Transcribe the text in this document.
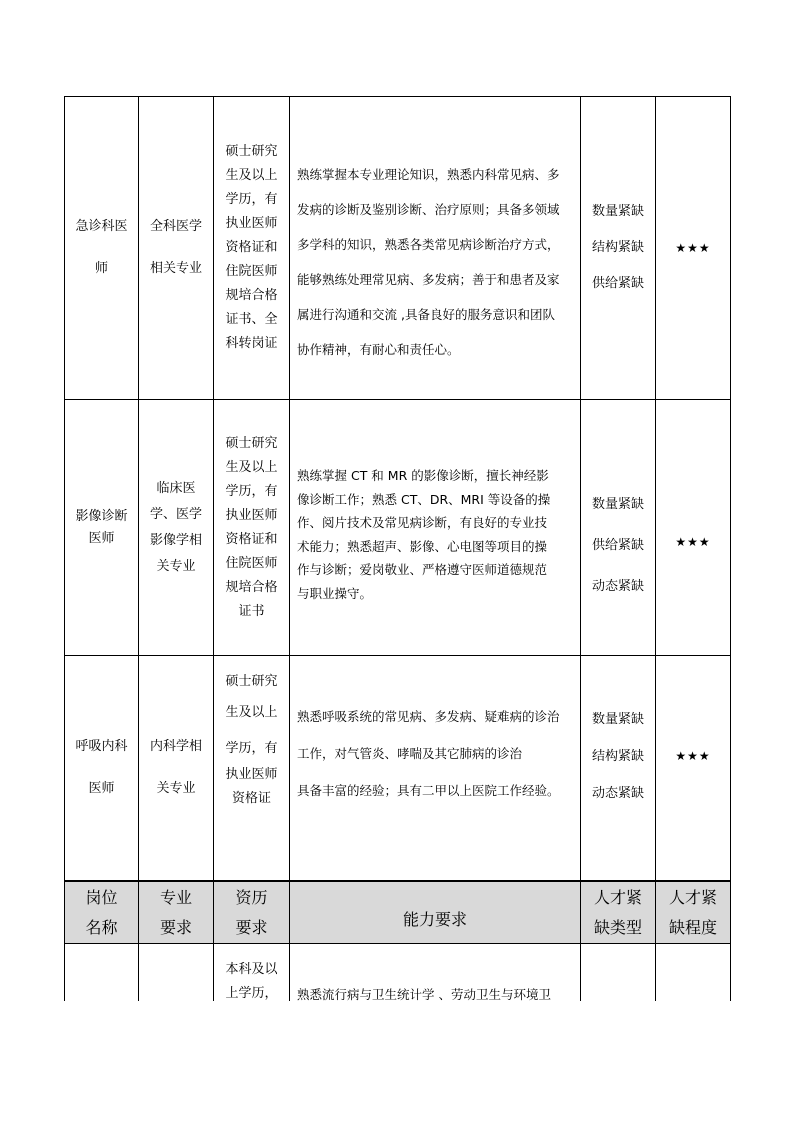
急诊科医
师
全科医学
相关专业
硕士研究
生及以上
学历，有
执业医师
资格证和
住院医师
规培合格
证书、全
科转岗证
熟练掌握本专业理论知识，熟悉内科常见病、多
发病的诊断及鉴别诊断、治疗原则；具备多领域
多学科的知识，熟悉各类常见病诊断治疗方式，
能够熟练处理常见病、多发病；善于和患者及家
属进行沟通和交流 ,具备良好的服务意识和团队
协作精神，有耐心和责任心。
数量紧缺
结构紧缺
供给紧缺
★★★
影像诊断
医师
临床医
学、医学
影像学相
关专业
硕士研究
生及以上
学历，有
执业医师
资格证和
住院医师
规培合格
证书
熟练掌握 CT 和 MR 的影像诊断，擅长神经影
像诊断工作；熟悉 CT、DR、MRI 等设备的操
作、阅片技术及常见病诊断，有良好的专业技
术能力；熟悉超声、影像、心电图等项目的操
作与诊断；爱岗敬业、严格遵守医师道德规范
与职业操守。
数量紧缺
供给紧缺
动态紧缺
★★★
呼吸内科
医师
内科学相
关专业
硕士研究
生及以上
学历，有
执业医师
资格证
熟悉呼吸系统的常见病、多发病、疑难病的诊治
工作，对气管炎、哮喘及其它肺病的诊治
具备丰富的经验；具有二甲以上医院工作经验。
数量紧缺
结构紧缺
动态紧缺
★★★
岗位
名称
专业
要求
资历
要求	能力要求
人才紧
缺类型
人才紧
缺程度
本科及以
上学历，	熟悉流行病与卫生统计学 、劳动卫生与环境卫
